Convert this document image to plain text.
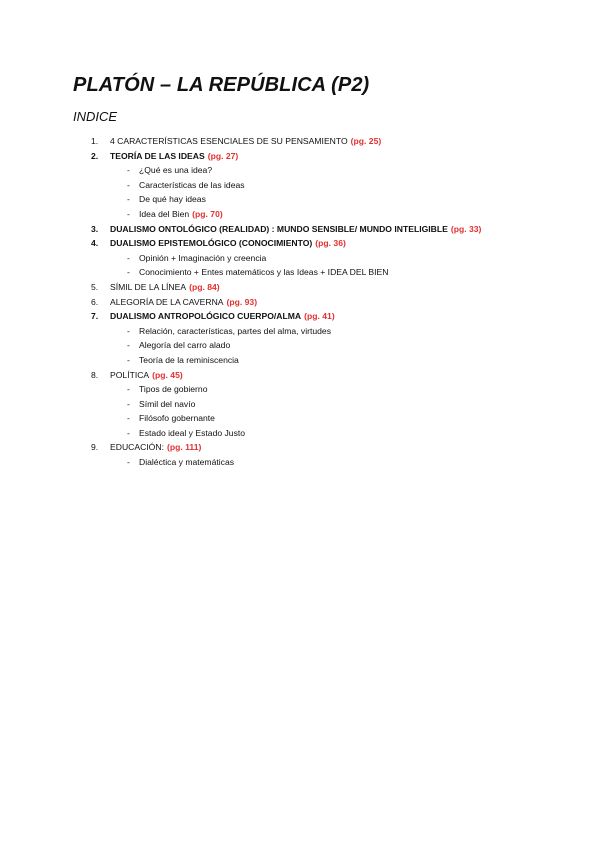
PLATÓN – LA REPÚBLICA (P2)
INDICE
1. 4 CARACTERÍSTICAS ESENCIALES DE SU PENSAMIENTO (pg. 25)
2. TEORÍA DE LAS IDEAS (pg. 27)
- ¿Qué es una idea?
- Características de las ideas
- De qué hay ideas
- Idea del Bien (pg. 70)
3. DUALISMO ONTOLÓGICO (REALIDAD) : MUNDO SENSIBLE/ MUNDO INTELIGIBLE (pg. 33)
4. DUALISMO EPISTEMOLÓGICO (CONOCIMIENTO) (pg. 36)
- Opinión + Imaginación y creencia
- Conocimiento + Entes matemáticos y las Ideas + IDEA DEL BIEN
5. SÍMIL DE LA LÍNEA (pg. 84)
6. ALEGORÍA DE LA CAVERNA (pg. 93)
7. DUALISMO ANTROPOLÓGICO CUERPO/ALMA (pg. 41)
- Relación, características, partes del alma, virtudes
- Alegoría del carro alado
- Teoría de la reminiscencia
8. POLÍTICA (pg. 45)
- Tipos de gobierno
- Símil del navío
- Filósofo gobernante
- Estado ideal y Estado Justo
9. EDUCACIÓN: (pg. 111)
- Dialéctica y matemáticas
